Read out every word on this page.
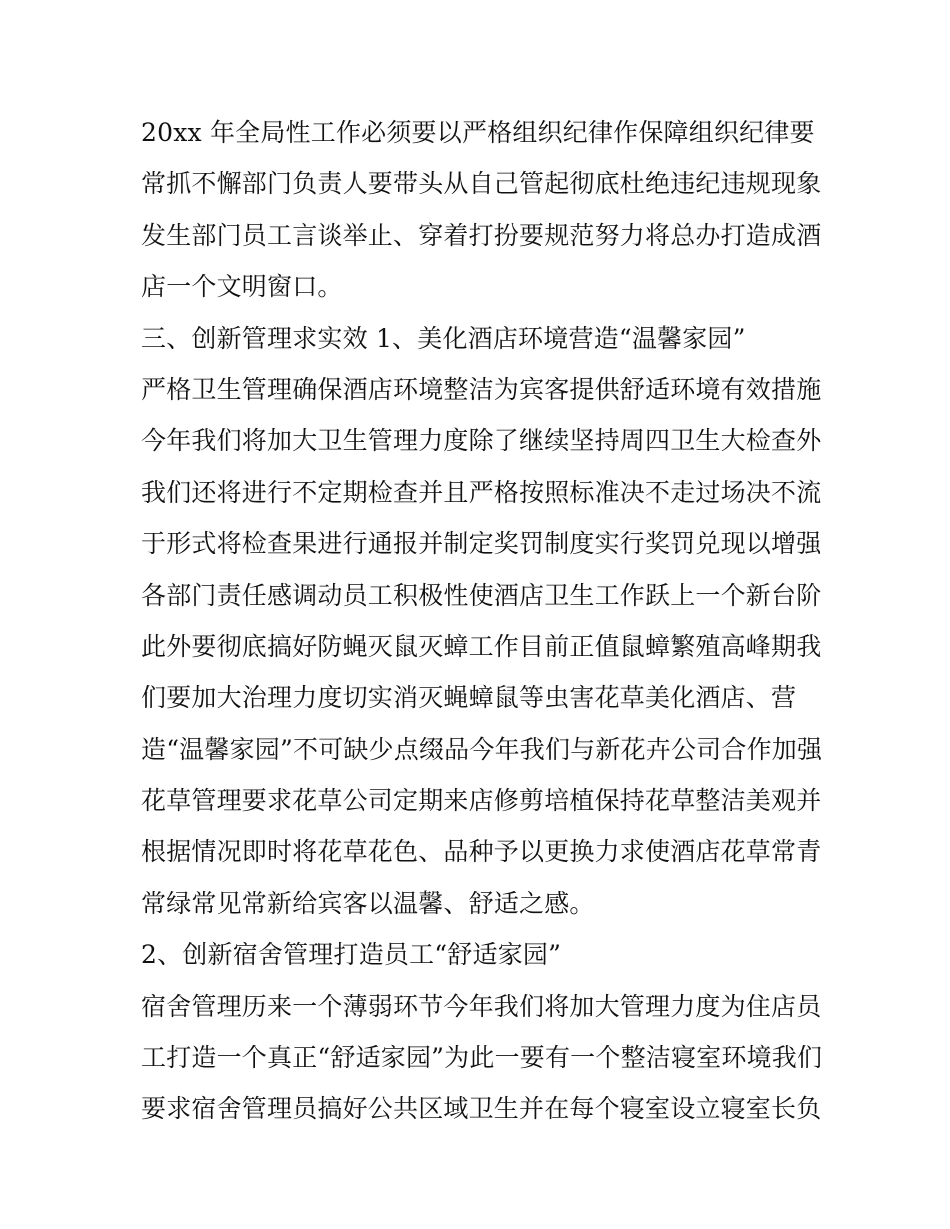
20xx 年全局性工作必须要以严格组织纪律作保障组织纪律要
常抓不懈部门负责人要带头从自己管起彻底杜绝违纪违规现象
发生部门员工言谈举止、穿着打扮要规范努力将总办打造成酒
店一个文明窗口。
三、创新管理求实效 1、美化酒店环境营造“温馨家园”
严格卫生管理确保酒店环境整洁为宾客提供舒适环境有效措施
今年我们将加大卫生管理力度除了继续坚持周四卫生大检查外
我们还将进行不定期检查并且严格按照标准决不走过场决不流
于形式将检查果进行通报并制定奖罚制度实行奖罚兑现以增强
各部门责任感调动员工积极性使酒店卫生工作跃上一个新台阶
此外要彻底搞好防蝇灭鼠灭蟑工作目前正值鼠蟑繁殖高峰期我
们要加大治理力度切实消灭蝇蟑鼠等虫害花草美化酒店、营
造“温馨家园”不可缺少点缀品今年我们与新花卉公司合作加强
花草管理要求花草公司定期来店修剪培植保持花草整洁美观并
根据情况即时将花草花色、品种予以更换力求使酒店花草常青
常绿常见常新给宾客以温馨、舒适之感。
2、创新宿舍管理打造员工“舒适家园”
宿舍管理历来一个薄弱环节今年我们将加大管理力度为住店员
工打造一个真正“舒适家园”为此一要有一个整洁寝室环境我们
要求宿舍管理员搞好公共区域卫生并在每个寝室设立寝室长负
